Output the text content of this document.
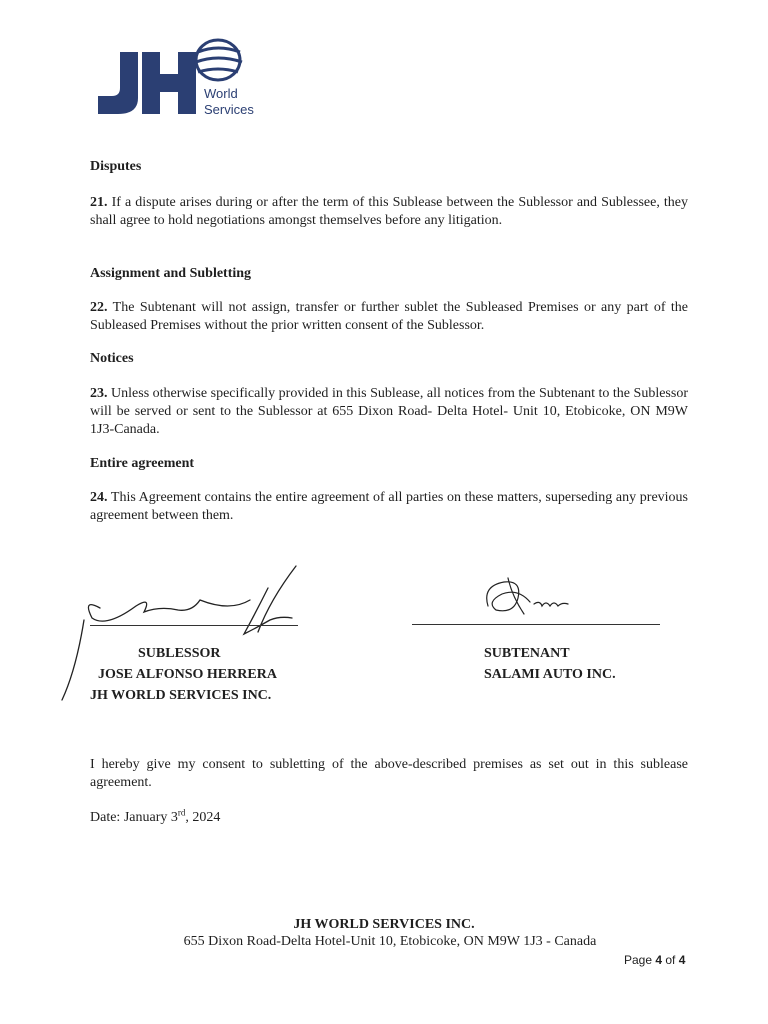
World
Services
Disputes
21. If a dispute arises during or after the term of this Sublease between the Sublessor and Sublessee, they shall agree to hold negotiations amongst themselves before any litigation.
Assignment and Subletting
22. The Subtenant will not assign, transfer or further sublet the Subleased Premises or any part of the Subleased Premises without the prior written consent of the Sublessor.
Notices
23. Unless otherwise specifically provided in this Sublease, all notices from the Subtenant to the Sublessor will be served or sent to the Sublessor at 655 Dixon Road- Delta Hotel- Unit 10, Etobicoke, ON M9W 1J3-Canada.
Entire agreement
24. This Agreement contains the entire agreement of all parties on these matters, superseding any previous agreement between them.
SUBLESSOR
JOSE ALFONSO HERRERA
JH WORLD SERVICES INC.
SUBTENANT
SALAMI AUTO INC.
I hereby give my consent to subletting of the above-described premises as set out in this sublease agreement.
Date: January 3rd, 2024
JH WORLD SERVICES INC.
655 Dixon Road-Delta Hotel-Unit 10, Etobicoke, ON M9W 1J3 - Canada
Page 4 of 4
